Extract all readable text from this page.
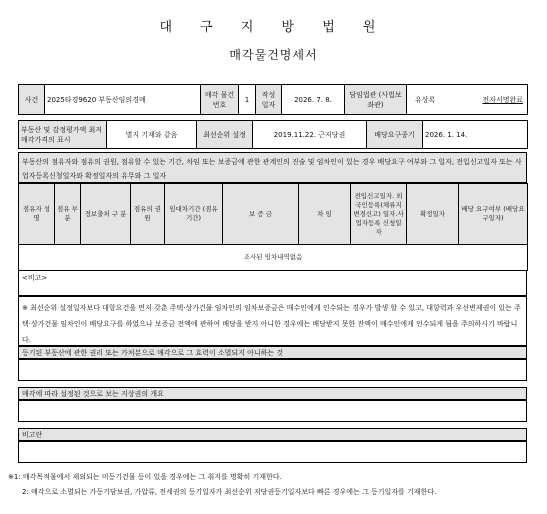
대 구 지 방 법 원
매각물건명세서
사건	2025타경9620 부동산임의경매	매각 물건번호	1	작성 일자	2026. 7. 8.	담임법관 (사법보좌관)	유상록	전자서명완료
부동산 및 감정평가액 최저매각가격의 표시	별지 기재와 같음	최선순위 설정	2019.11.22. 근저당권	배당요구종기	2026. 1. 14.
부동산의 점유자와 점유의 권원, 점유할 수 있는 기간, 차임 또는 보증금에 관한 관계인의 진술 및 임차인이 있는 경우 배당요구 여부와 그 일자, 전입신고일자 또는 사업자등록신청일자와 확정일자의 유무와 그 일자
점유자 성 명	점유 부분	정보출처 구 분	점유의 권 원	임대차기간 (점유기간)	보 증 금	차 임	전입신고일자. 외국인등록(체류지변경신고) 일자.사업자등록 신청일자	확정일자	배당 요구여부 (배당요구일자)
조사된 임차내역없음
<비고>
※ 최선순위 설정일자보다 대항요건을 먼저 갖춘 주택·상가건물 임차인의 임차보증금은 매수인에게 인수되는 경우가 발생 할 수 있고, 대항력과 우선변제권이 있는 주택·상가건물 임차인이 배당요구를 하였으나 보증금 전액에 관하여 배당을 받지 아니한 경우에는 배당받지 못한 잔액이 매수인에게 인수되게 됨을 주의하시기 바랍니다.
등기된 부동산에 관한 권리 또는 가처분으로 매각으로 그 효력이 소멸되지 아니하는 것
매각에 따라 설정된 것으로 보는 지상권의 개요
비고란
※1: 매각목적물에서 제외되는 미등기건물 등이 있을 경우에는 그 취지를 명확히 기재한다.
2: 매각으로 소멸되는 가등기담보권, 가압류, 전세권의 등기일자가 최선순위 저당권등기일자보다 빠른 경우에는 그 등기일자를 기재한다.
